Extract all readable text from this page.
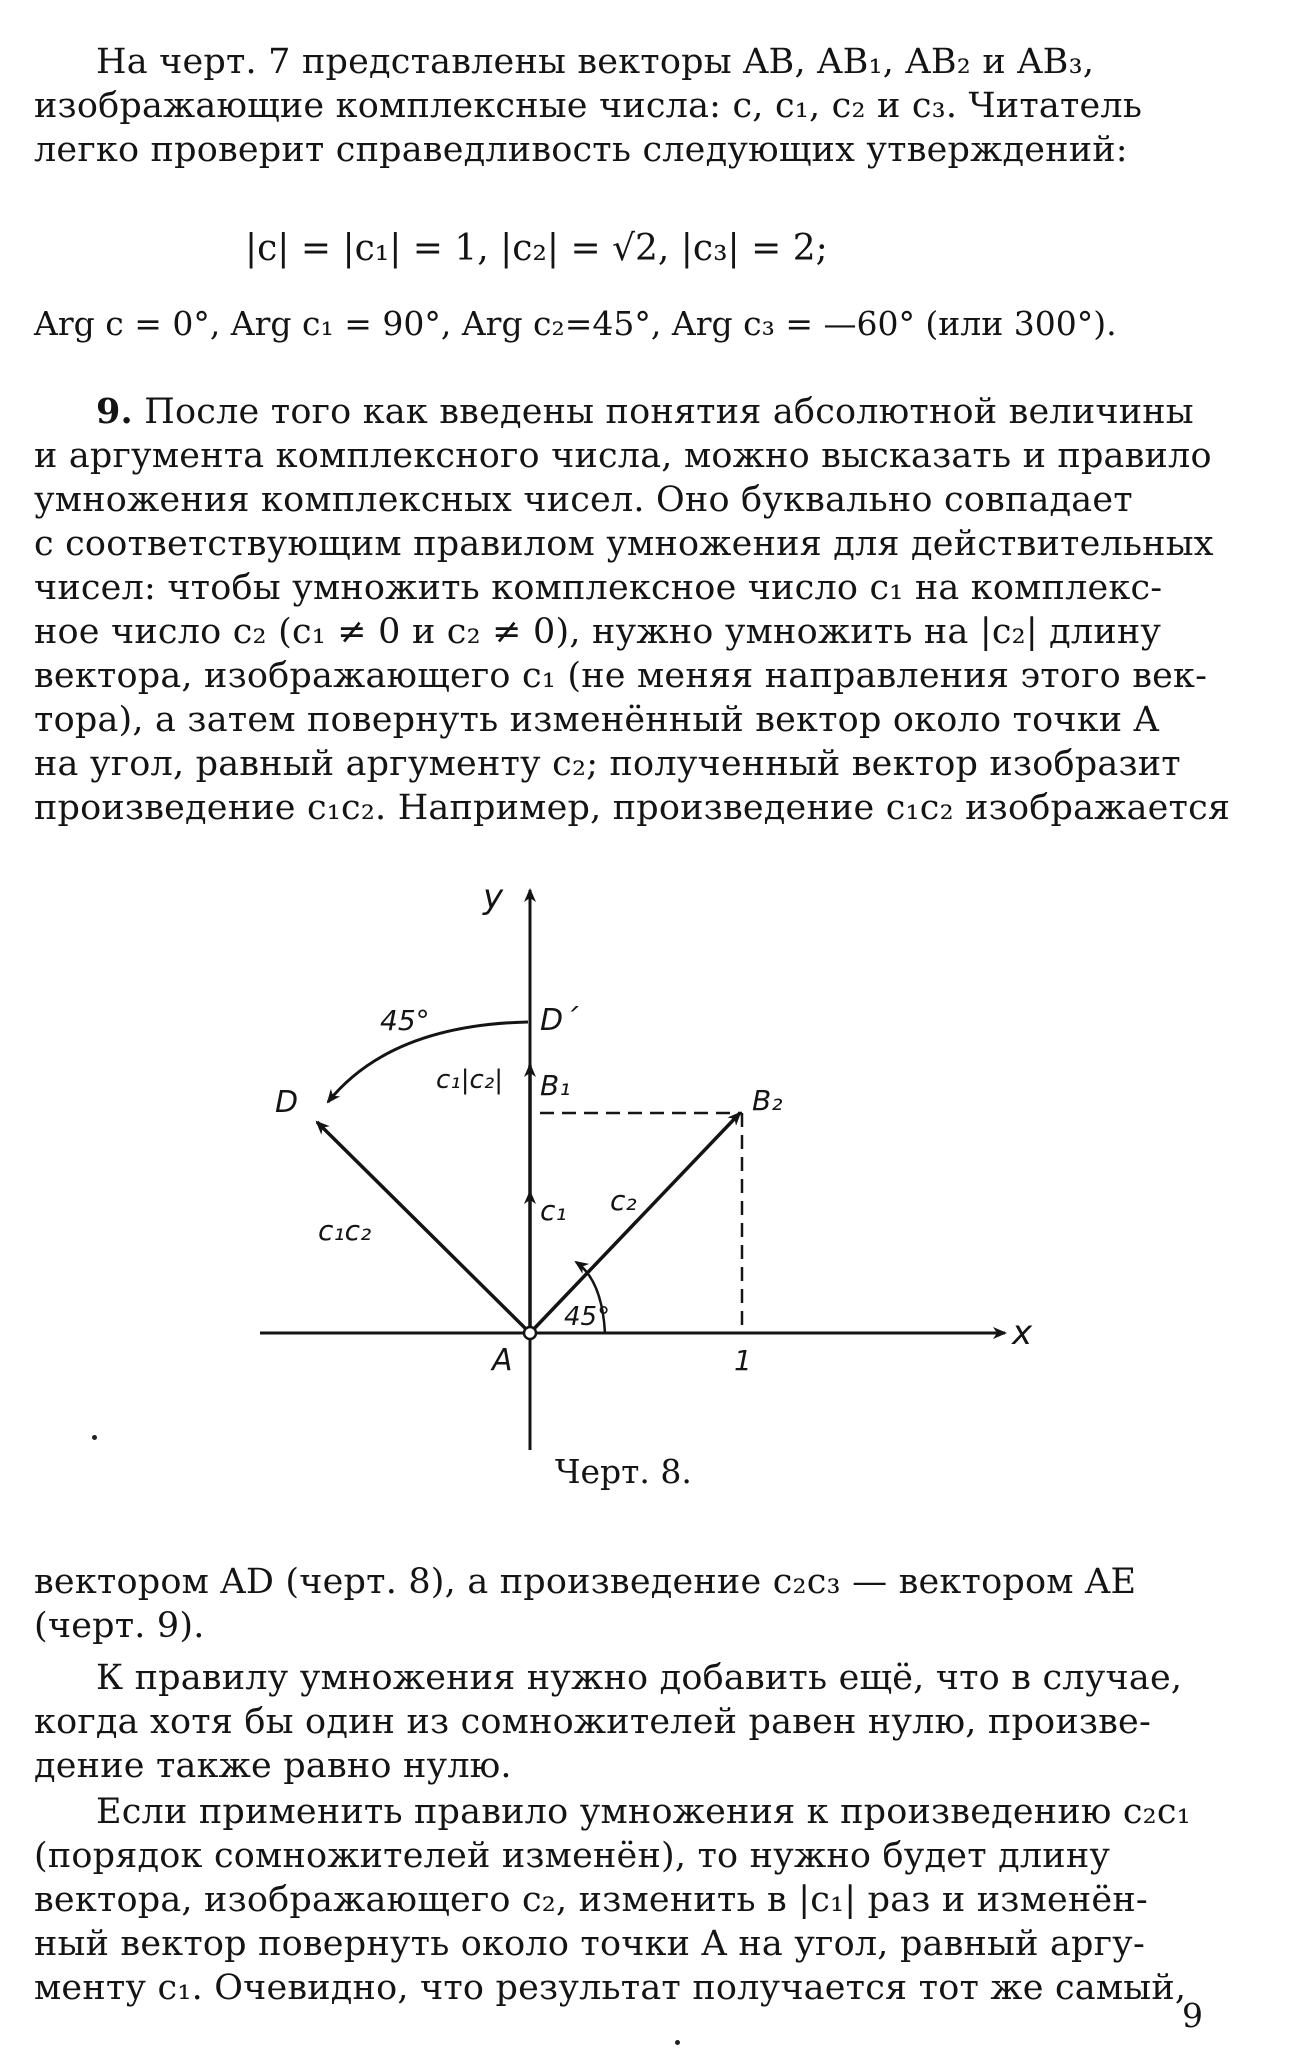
На черт. 7 представлены векторы AB, AB₁, AB₂ и AB₃,
изображающие комплексные числа: c, c₁, c₂ и c₃. Читатель
легко проверит справедливость следующих утверждений:
|c| = |c₁| = 1, |c₂| = √2, |c₃| = 2;
Arg c = 0°, Arg c₁ = 90°, Arg c₂=45°, Arg c₃ = —60° (или 300°).
9. После того как введены понятия абсолютной величины
и аргумента комплексного числа, можно высказать и правило
умножения комплексных чисел. Оно буквально совпадает
с соответствующим правилом умножения для действительных
чисел: чтобы умножить комплексное число c₁ на комплекс-
ное число c₂ (c₁ ≠ 0 и c₂ ≠ 0), нужно умножить на |c₂| длину
вектора, изображающего c₁ (не меняя направления этого век-
тора), а затем повернуть изменённый вектор около точки A
на угол, равный аргументу c₂; полученный вектор изобразит
произведение c₁c₂. Например, произведение c₁c₂ изображается
y
x
A	1
D
D´
B₁	B₂
45°
45°
c₁ c₂
c₁c₂
c₁|c₂|
Черт. 8.
вектором AD (черт. 8), а произведение c₂c₃ — вектором AE
(черт. 9).
К правилу умножения нужно добавить ещё, что в случае,
когда хотя бы один из сомножителей равен нулю, произве-
дение также равно нулю.
Если применить правило умножения к произведению c₂c₁
(порядок сомножителей изменён), то нужно будет длину
вектора, изображающего c₂, изменить в |c₁| раз и изменён-
ный вектор повернуть около точки A на угол, равный аргу-
менту c₁. Очевидно, что результат получается тот же самый,
9
